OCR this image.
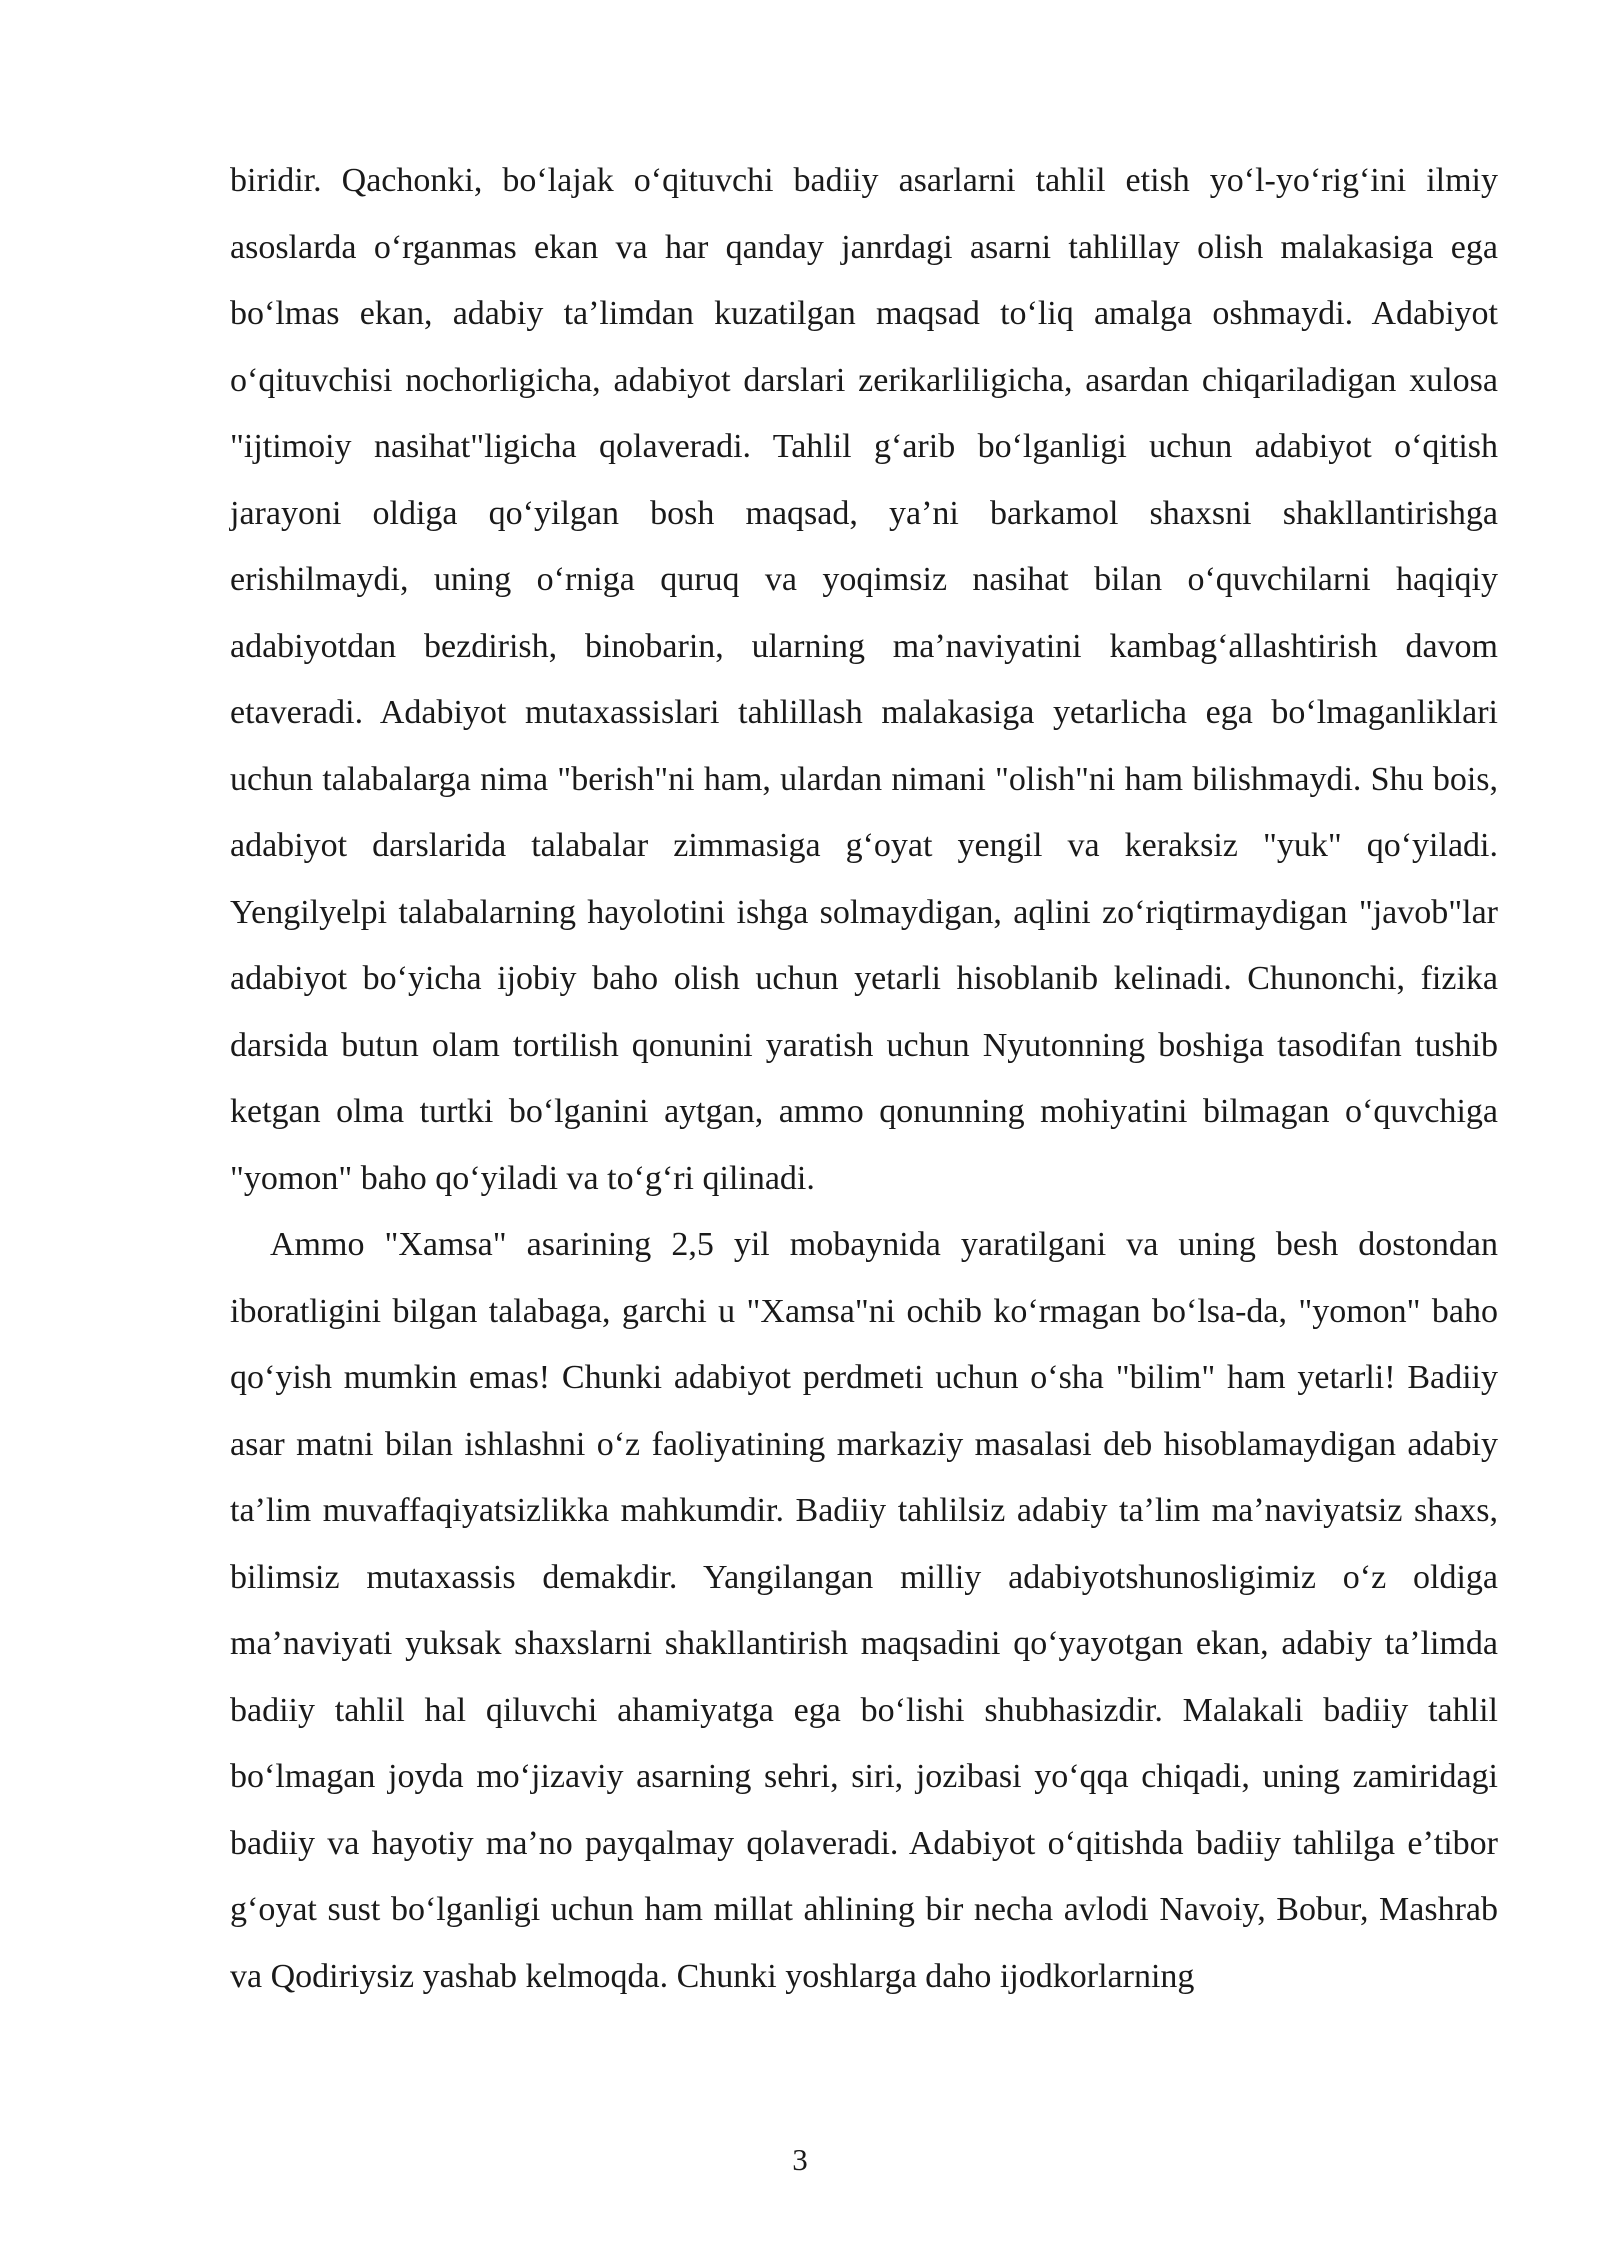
biridir. Qachonki, boʻlajak oʻqituvchi badiiy asarlarni tahlil etish yoʻl-yoʻrigʻini ilmiy asoslarda oʻrganmas ekan va har qanday janrdagi asarni tahlillay olish malakasiga ega boʻlmas ekan, adabiy taʼlimdan kuzatilgan maqsad toʻliq amalga oshmaydi. Adabiyot oʻqituvchisi nochorligicha, adabiyot darslari zerikarliligicha, asardan chiqariladigan xulosa "ijtimoiy nasihat"ligicha qolaveradi. Tahlil gʻarib boʻlganligi uchun adabiyot oʻqitish jarayoni oldiga qoʻyilgan bosh maqsad, yaʼni barkamol shaxsni shakllantirishga erishilmaydi, uning oʻrniga quruq va yoqimsiz nasihat bilan oʻquvchilarni haqiqiy adabiyotdan bezdirish, binobarin, ularning maʼnaviyatini kambagʻallashtirish davom etaveradi. Adabiyot mutaxassislari tahlillash malakasiga yetarlicha ega boʻlmaganliklari uchun talabalarga nima "berish"ni ham, ulardan nimani "olish"ni ham bilishmaydi. Shu bois, adabiyot darslarida talabalar zimmasiga gʻoyat yengil va keraksiz "yuk" qoʻyiladi. Yengilyelpi talabalarning hayolotini ishga solmaydigan, aqlini zoʻriqtirmaydigan "javob"lar adabiyot boʻyicha ijobiy baho olish uchun yetarli hisoblanib kelinadi. Chunonchi, fizika darsida butun olam tortilish qonunini yaratish uchun Nyutonning boshiga tasodifan tushib ketgan olma turtki boʻlganini aytgan, ammo qonunning mohiyatini bilmagan oʻquvchiga "yomon" baho qoʻyiladi va toʻgʻri qilinadi.

Ammo "Xamsa" asarining 2,5 yil mobaynida yaratilgani va uning besh dostondan iboratligini bilgan talabaga, garchi u "Xamsa"ni ochib koʻrmagan boʻlsa-da, "yomon" baho qoʻyish mumkin emas! Chunki adabiyot perdmeti uchun oʻsha "bilim" ham yetarli! Badiiy asar matni bilan ishlashni oʻz faoliyatining markaziy masalasi deb hisoblamaydigan adabiy taʼlim muvaffaqiyatsizlikka mahkumdir. Badiiy tahlilsiz adabiy taʼlim maʼnaviyatsiz shaxs, bilimsiz mutaxassis demakdir. Yangilangan milliy adabiyotshunosligimiz oʻz oldiga maʼnaviyati yuksak shaxslarni shakllantirish maqsadini qoʻyayotgan ekan, adabiy taʼlimda badiiy tahlil hal qiluvchi ahamiyatga ega boʻlishi shubhasizdir. Malakali badiiy tahlil boʻlmagan joyda moʻjizaviy asarning sehri, siri, jozibasi yoʻqqa chiqadi, uning zamiridagi badiiy va hayotiy maʼno payqalmay qolaveradi. Adabiyot oʻqitishda badiiy tahlilga eʼtibor gʻoyat sust boʻlganligi uchun ham millat ahlining bir necha avlodi Navoiy, Bobur, Mashrab va Qodiriysiz yashab kelmoqda. Chunki yoshlarga daho ijodkorlarning

3
